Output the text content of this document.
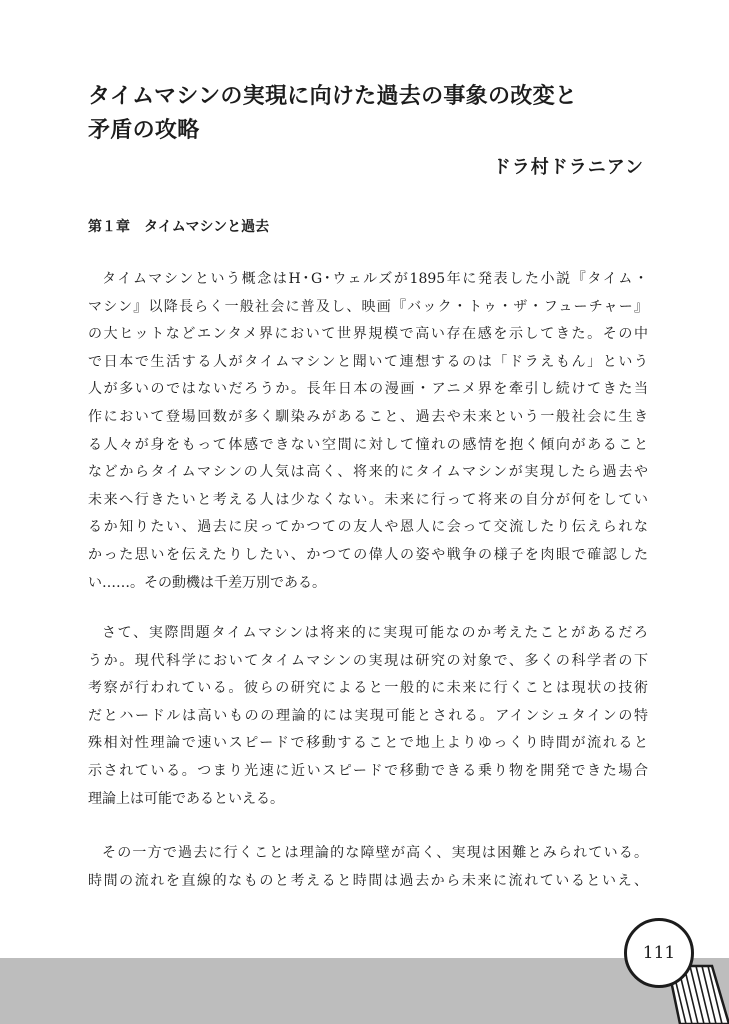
タイムマシンの実現に向けた過去の事象の改変と
矛盾の攻略
ドラ村ドラニアン
第１章 タイムマシンと過去
タイムマシンという概念はH･G･ウェルズが1895年に発表した小説『タイム・
マシン』以降長らく一般社会に普及し、映画『バック・トゥ・ザ・フューチャー』
の大ヒットなどエンタメ界において世界規模で高い存在感を示してきた。その中
で日本で生活する人がタイムマシンと聞いて連想するのは「ドラえもん」という
人が多いのではないだろうか。長年日本の漫画・アニメ界を牽引し続けてきた当
作において登場回数が多く馴染みがあること、過去や未来という一般社会に生き
る人々が身をもって体感できない空間に対して憧れの感情を抱く傾向があること
などからタイムマシンの人気は高く、将来的にタイムマシンが実現したら過去や
未来へ行きたいと考える人は少なくない。未来に行って将来の自分が何をしてい
るか知りたい、過去に戻ってかつての友人や恩人に会って交流したり伝えられな
かった思いを伝えたりしたい、かつての偉人の姿や戦争の様子を肉眼で確認した
い……。その動機は千差万別である。
さて、実際問題タイムマシンは将来的に実現可能なのか考えたことがあるだろ
うか。現代科学においてタイムマシンの実現は研究の対象で、多くの科学者の下
考察が行われている。彼らの研究によると一般的に未来に行くことは現状の技術
だとハードルは高いものの理論的には実現可能とされる。アインシュタインの特
殊相対性理論で速いスピードで移動することで地上よりゆっくり時間が流れると
示されている。つまり光速に近いスピードで移動できる乗り物を開発できた場合
理論上は可能であるといえる。
その一方で過去に行くことは理論的な障壁が高く、実現は困難とみられている。
時間の流れを直線的なものと考えると時間は過去から未来に流れているといえ、
111
